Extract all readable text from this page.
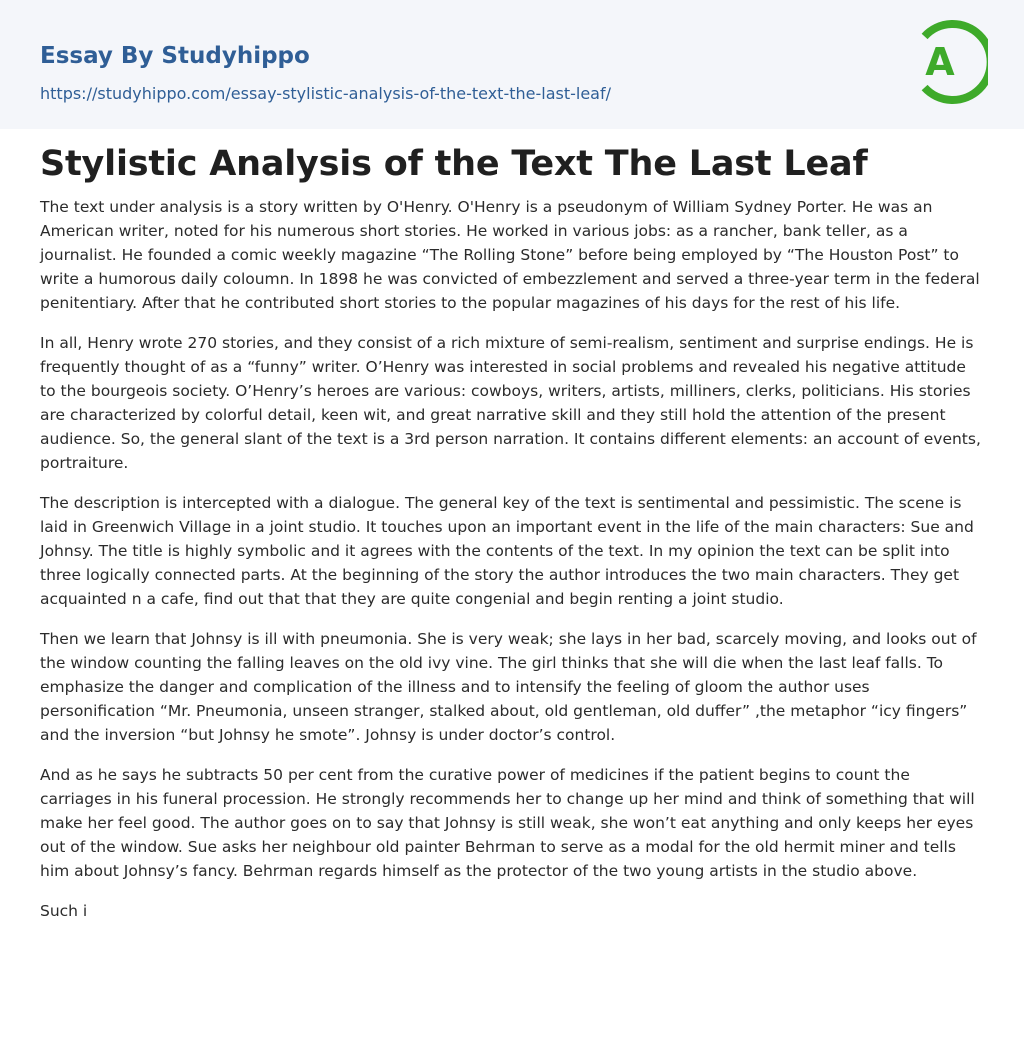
Essay By Studyhippo
https://studyhippo.com/essay-stylistic-analysis-of-the-text-the-last-leaf/
A
Stylistic Analysis of the Text The Last Leaf

The text under analysis is a story written by O'Henry. O'Henry is a pseudonym of William Sydney Porter. He was an American writer, noted for his numerous short stories. He worked in various jobs: as a rancher, bank teller, as a journalist. He founded a comic weekly magazine “The Rolling Stone” before being employed by “The Houston Post” to write a humorous daily coloumn. In 1898 he was convicted of embezzlement and served a three-year term in the federal penitentiary. After that he contributed short stories to the popular magazines of his days for the rest of his life.

In all, Henry wrote 270 stories, and they consist of a rich mixture of semi-realism, sentiment and surprise endings. He is frequently thought of as a “funny” writer. O’Henry was interested in social problems and revealed his negative attitude to the bourgeois society. O’Henry’s heroes are various: cowboys, writers, artists, milliners, clerks, politicians. His stories are characterized by colorful detail, keen wit, and great narrative skill and they still hold the attention of the present audience. So, the general slant of the text is a 3rd person narration. It contains different elements: an account of events, portraiture.

The description is intercepted with a dialogue. The general key of the text is sentimental and pessimistic. The scene is laid in Greenwich Village in a joint studio. It touches upon an important event in the life of the main characters: Sue and Johnsy. The title is highly symbolic and it agrees with the contents of the text. In my opinion the text can be split into three logically connected parts. At the beginning of the story the author introduces the two main characters. They get acquainted n a cafe, find out that that they are quite congenial and begin renting a joint studio.

Then we learn that Johnsy is ill with pneumonia. She is very weak; she lays in her bad, scarcely moving, and looks out of the window counting the falling leaves on the old ivy vine. The girl thinks that she will die when the last leaf falls. To emphasize the danger and complication of the illness and to intensify the feeling of gloom the author uses personification “Mr. Pneumonia, unseen stranger, stalked about, old gentleman, old duffer” ,the metaphor “icy fingers” and the inversion “but Johnsy he smote”. Johnsy is under doctor’s control.

And as he says he subtracts 50 per cent from the curative power of medicines if the patient begins to count the carriages in his funeral procession. He strongly recommends her to change up her mind and think of something that will make her feel good. The author goes on to say that Johnsy is still weak, she won’t eat anything and only keeps her eyes out of the window. Sue asks her neighbour old painter Behrman to serve as a modal for the old hermit miner and tells him about Johnsy’s fancy. Behrman regards himself as the protector of the two young artists in the studio above.

Such i
